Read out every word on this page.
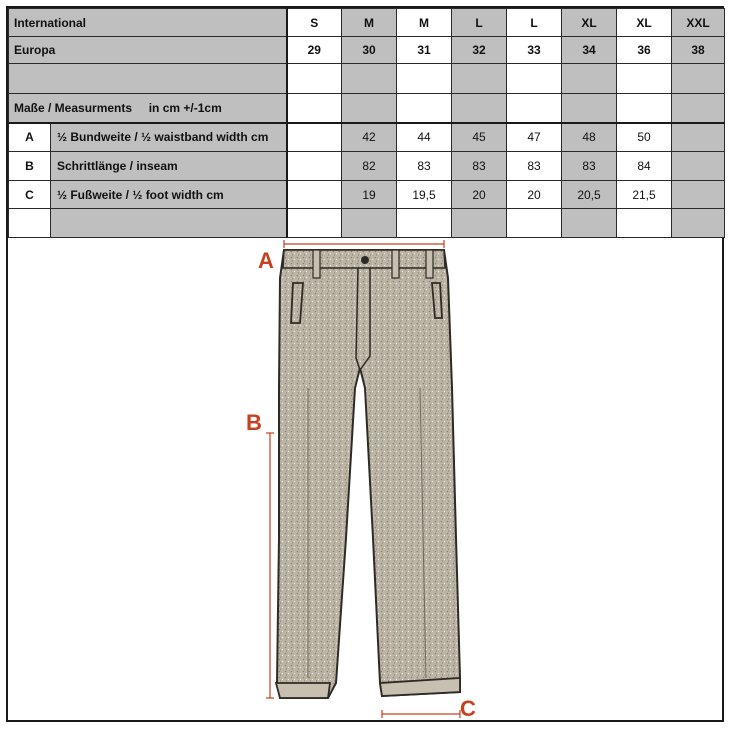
International		S	M	M	L	L	XL	XL	XXL
Europa		29	30	31	32	33	34	36	38

Maße / Measurments     in cm +/-1cm									
A	½ Bundweite / ½ waistband width cm		42	44	45	47	48	50	
B	Schrittlänge / inseam		82	83	83	83	83	84	
C	½ Fußweite / ½ foot width cm		19	19,5	20	20	20,5	21,5	

A
B
C
